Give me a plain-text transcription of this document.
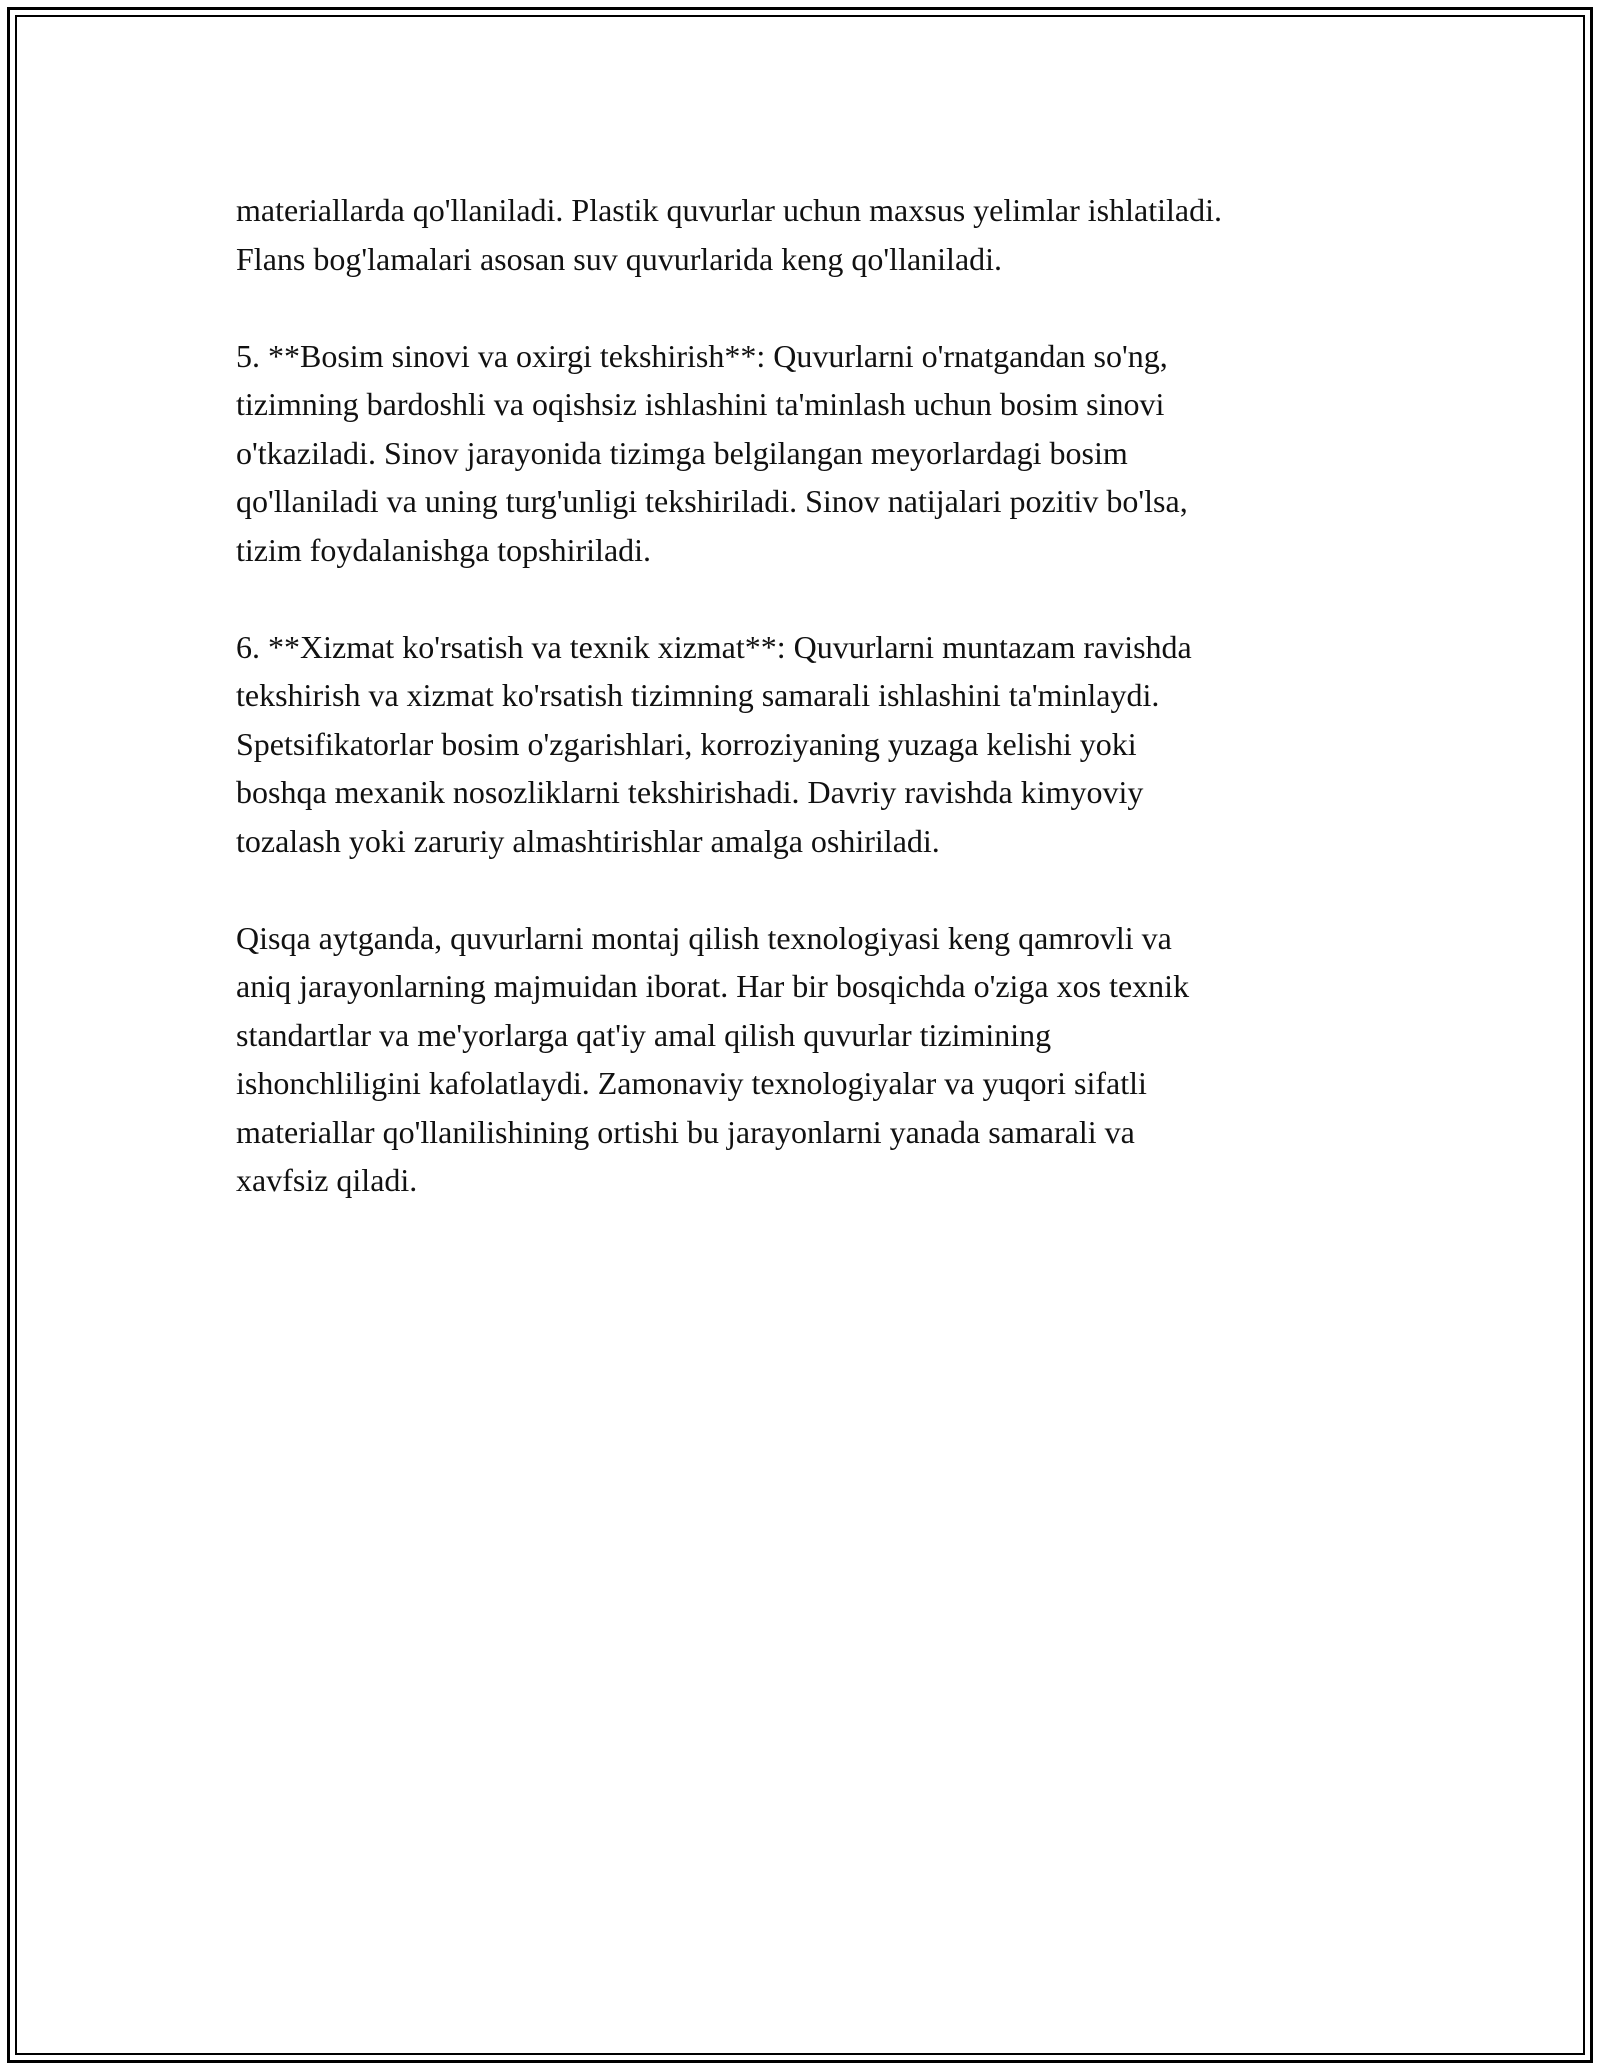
materiallarda qo'llaniladi. Plastik quvurlar uchun maxsus yelimlar ishlatiladi.
Flans bog'lamalari asosan suv quvurlarida keng qo'llaniladi.

5. **Bosim sinovi va oxirgi tekshirish**: Quvurlarni o'rnatgandan so'ng,
tizimning bardoshli va oqishsiz ishlashini ta'minlash uchun bosim sinovi
o'tkaziladi. Sinov jarayonida tizimga belgilangan meyorlardagi bosim
qo'llaniladi va uning turg'unligi tekshiriladi. Sinov natijalari pozitiv bo'lsa,
tizim foydalanishga topshiriladi.

6. **Xizmat ko'rsatish va texnik xizmat**: Quvurlarni muntazam ravishda
tekshirish va xizmat ko'rsatish tizimning samarali ishlashini ta'minlaydi.
Spetsifikatorlar bosim o'zgarishlari, korroziyaning yuzaga kelishi yoki
boshqa mexanik nosozliklarni tekshirishadi. Davriy ravishda kimyoviy
tozalash yoki zaruriy almashtirishlar amalga oshiriladi.

Qisqa aytganda, quvurlarni montaj qilish texnologiyasi keng qamrovli va
aniq jarayonlarning majmuidan iborat. Har bir bosqichda o'ziga xos texnik
standartlar va me'yorlarga qat'iy amal qilish quvurlar tizimining
ishonchliligini kafolatlaydi. Zamonaviy texnologiyalar va yuqori sifatli
materiallar qo'llanilishining ortishi bu jarayonlarni yanada samarali va
xavfsiz qiladi.
